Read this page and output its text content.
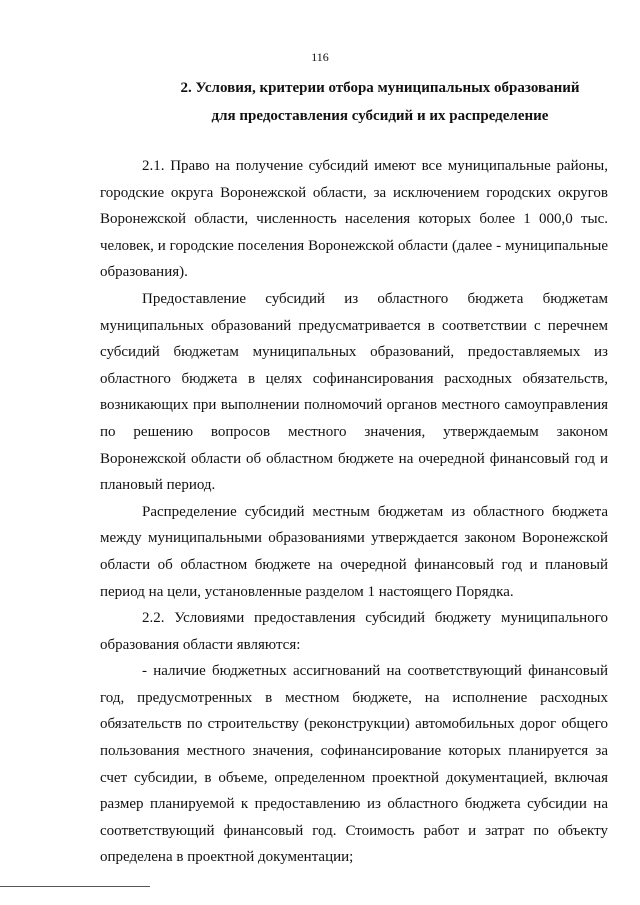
116
2. Условия, критерии отбора муниципальных образований
для предоставления субсидий и их распределение

2.1. Право на получение субсидий имеют все муниципальные районы, городские округа Воронежской области, за исключением городских округов Воронежской области, численность населения которых более 1 000,0 тыс. человек, и городские поселения Воронежской области (далее - муниципальные образования).

Предоставление субсидий из областного бюджета бюджетам муниципальных образований предусматривается в соответствии с перечнем субсидий бюджетам муниципальных образований, предоставляемых из областного бюджета в целях софинансирования расходных обязательств, возникающих при выполнении полномочий органов местного самоуправления по решению вопросов местного значения, утверждаемым законом Воронежской области об областном бюджете на очередной финансовый год и плановый период.

Распределение субсидий местным бюджетам из областного бюджета между муниципальными образованиями утверждается законом Воронежской области об областном бюджете на очередной финансовый год и плановый период на цели, установленные разделом 1 настоящего Порядка.

2.2. Условиями предоставления субсидий бюджету муниципального образования области являются:

- наличие бюджетных ассигнований на соответствующий финансовый год, предусмотренных в местном бюджете, на исполнение расходных обязательств по строительству (реконструкции) автомобильных дорог общего пользования местного значения, софинансирование которых планируется за счет субсидии, в объеме, определенном проектной документацией, включая размер планируемой к предоставлению из областного бюджета субсидии на соответствующий финансовый год. Стоимость работ и затрат по объекту определена в проектной документации;
